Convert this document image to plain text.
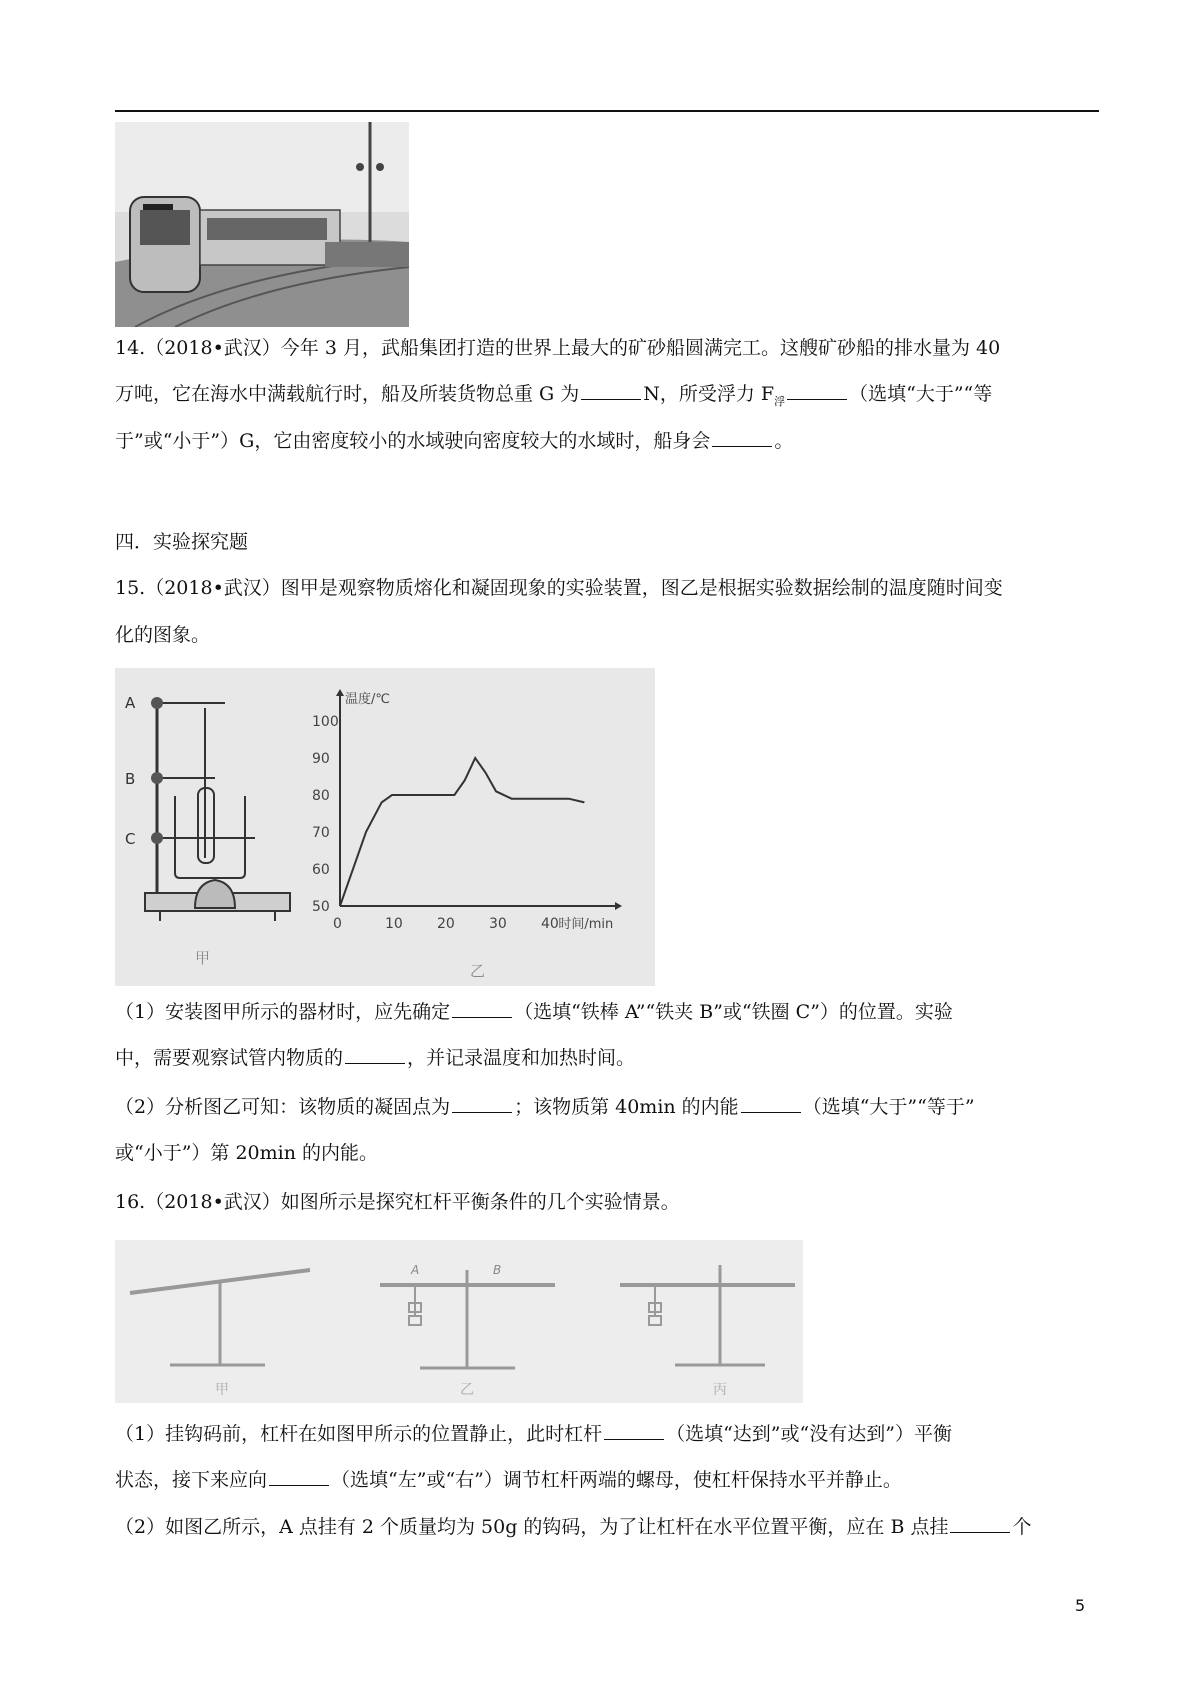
14.（2018•武汉）今年 3 月，武船集团打造的世界上最大的矿砂船圆满完工。这艘矿砂船的排水量为 40
万吨，它在海水中满载航行时，船及所装货物总重 G 为	N，所受浮力 $F_浮$	（选填“大于”“等
于”或“小于”）G，它由密度较小的水域驶向密度较大的水域时，船身会	。
四．实验探究题
15.（2018•武汉）图甲是观察物质熔化和凝固现象的实验装置，图乙是根据实验数据绘制的温度随时间变
化的图象。
A
B
C
甲
50
60
70
80
90
100
0	10 20 30 40
温度/℃
时间/min
乙
（1）安装图甲所示的器材时，应先确定	（选填“铁棒 A”“铁夹 B”或“铁圈 C”）的位置。实验
中，需要观察试管内物质的	，并记录温度和加热时间。
（2）分析图乙可知：该物质的凝固点为	；该物质第 40min 的内能	（选填“大于”“等于”
或“小于”）第 20min 的内能。
16.（2018•武汉）如图所示是探究杠杆平衡条件的几个实验情景。
A	B
甲	乙	丙
（1）挂钩码前，杠杆在如图甲所示的位置静止，此时杠杆	（选填“达到”或“没有达到”）平衡
状态，接下来应向	（选填“左”或“右”）调节杠杆两端的螺母，使杠杆保持水平并静止。
（2）如图乙所示，A 点挂有 2 个质量均为 50g 的钩码，为了让杠杆在水平位置平衡，应在 B 点挂	个
5
